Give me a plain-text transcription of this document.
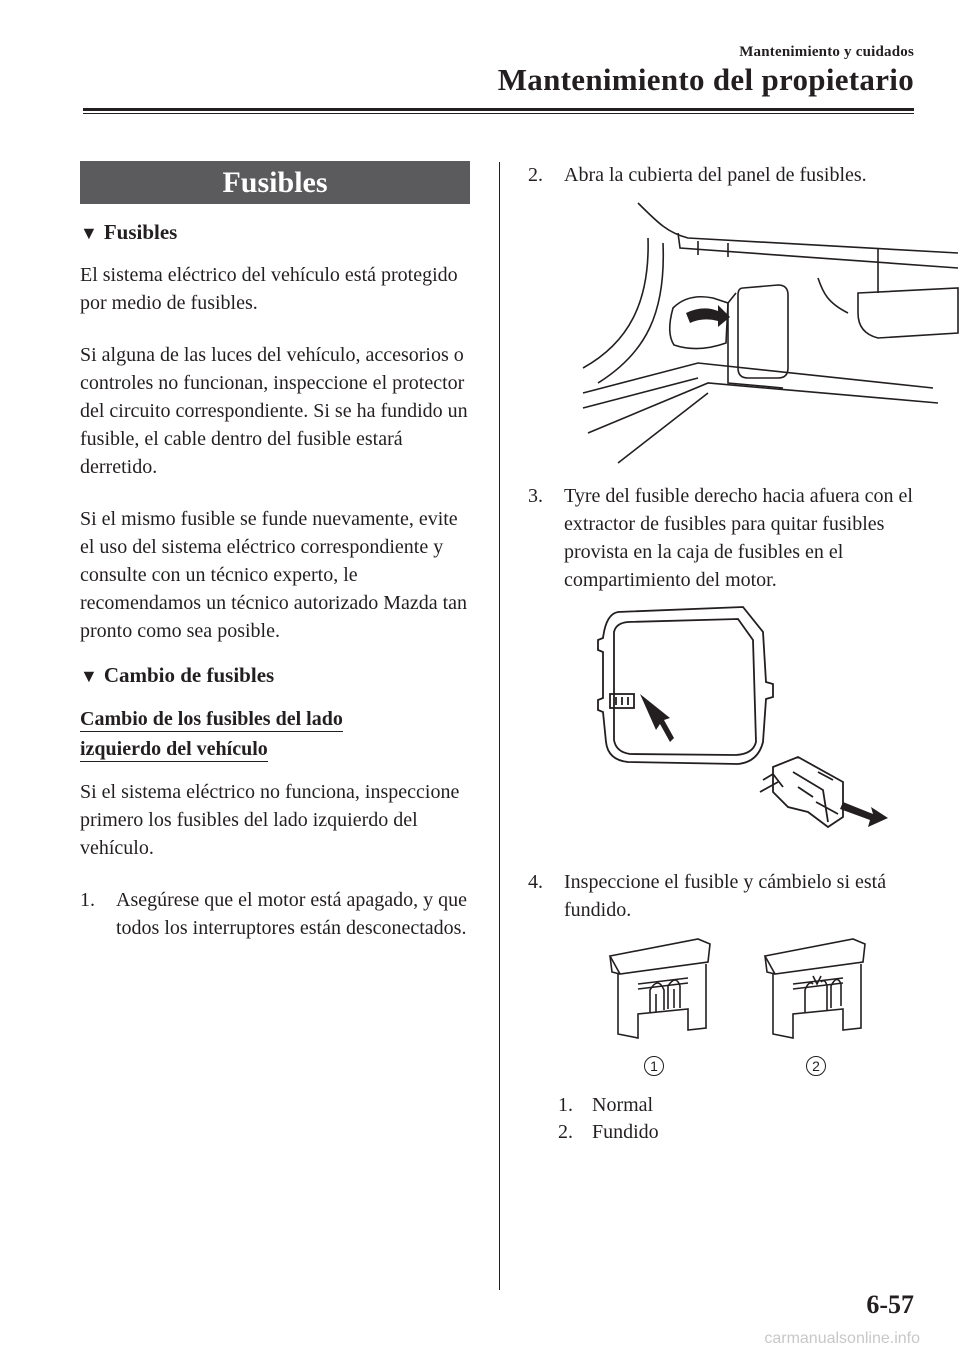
Mantenimiento y cuidados
Mantenimiento del propietario
Fusibles
▼ Fusibles

El sistema eléctrico del vehículo está protegido por medio de fusibles.

Si alguna de las luces del vehículo, accesorios o controles no funcionan, inspeccione el protector del circuito correspondiente. Si se ha fundido un fusible, el cable dentro del fusible estará derretido.

Si el mismo fusible se funde nuevamente, evite el uso del sistema eléctrico correspondiente y consulte con un técnico experto, le recomendamos un técnico autorizado Mazda tan pronto como sea posible.

▼ Cambio de fusibles
Cambio de los fusibles del lado
izquierdo del vehículo

Si el sistema eléctrico no funciona, inspeccione primero los fusibles del lado izquierdo del vehículo.

1. Asegúrese que el motor está apagado, y que todos los interruptores están desconectados.
2. Abra la cubierta del panel de fusibles.
3. Tyre del fusible derecho hacia afuera con el extractor de fusibles para quitar fusibles provista en la caja de fusibles en el compartimiento del motor.
4. Inspeccione el fusible y cámbielo si está fundido.
1	2
1. Normal
2. Fundido
6-57
carmanualsonline.info
